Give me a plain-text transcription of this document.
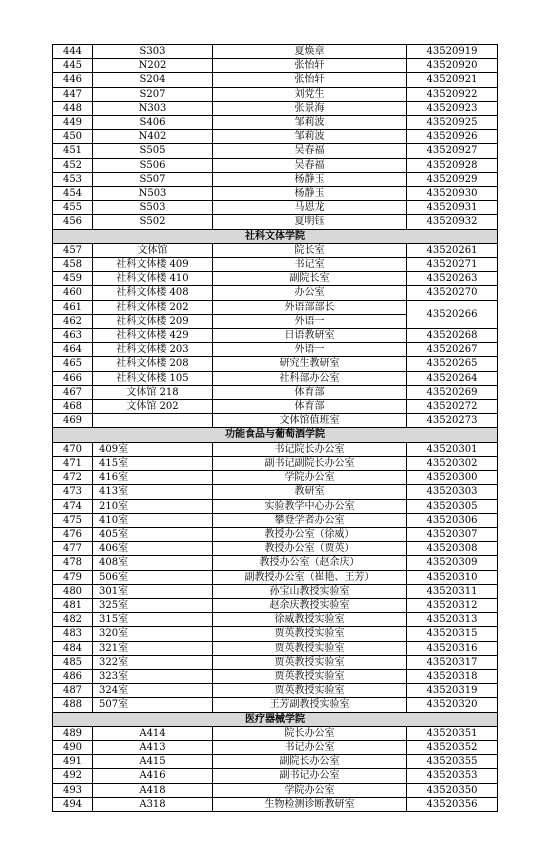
444	S303	夏焕章	43520919
445	N202	张怡轩	43520920
446	S204	张怡轩	43520921
447	S207	刘党生	43520922
448	N303	张景海	43520923
449	S406	邹莉波	43520925
450	N402	邹莉波	43520926
451	S505	吴春福	43520927
452	S506	吴春福	43520928
453	S507	杨静玉	43520929
454	N503	杨静玉	43520930
455	S503	马恩龙	43520931
456	S502	夏明钰	43520932
社科文体学院			
457	文体馆	院长室	43520261
458	社科文体楼 409	书记室	43520271
459	社科文体楼 410	副院长室	43520263
460	社科文体楼 408	办公室	43520270
461	社科文体楼 202	外语部部长	43520266
462	社科文体楼 209	外语一	
463	社科文体楼 429	日语教研室	43520268
464	社科文体楼 203	外语一	43520267
465	社科文体楼 208	研究生教研室	43520265
466	社科文体楼 105	社科部办公室	43520264
467	文体馆 218	体育部	43520269
468	文体馆 202	体育部	43520272
469		文体馆值班室	43520273
功能食品与葡萄酒学院			
470	409室	书记院长办公室	43520301
471	415室	副书记副院长办公室	43520302
472	416室	学院办公室	43520300
473	413室	教研室	43520303
474	210室	实验教学中心办公室	43520305
475	410室	攀登学者办公室	43520306
476	405室	教授办公室（徐威）	43520307
477	406室	教授办公室（贾英）	43520308
478	408室	教授办公室（赵余庆）	43520309
479	506室	副教授办公室（崔艳、王芳）	43520310
480	301室	孙宝山教授实验室	43520311
481	325室	赵余庆教授实验室	43520312
482	315室	徐威教授实验室	43520313
483	320室	贾英教授实验室	43520315
484	321室	贾英教授实验室	43520316
485	322室	贾英教授实验室	43520317
486	323室	贾英教授实验室	43520318
487	324室	贾英教授实验室	43520319
488	507室	王芳副教授实验室	43520320
医疗器械学院			
489	A414	院长办公室	43520351
490	A413	书记办公室	43520352
491	A415	副院长办公室	43520355
492	A416	副书记办公室	43520353
493	A418	学院办公室	43520350
494	A318	生物检测诊断教研室	43520356
